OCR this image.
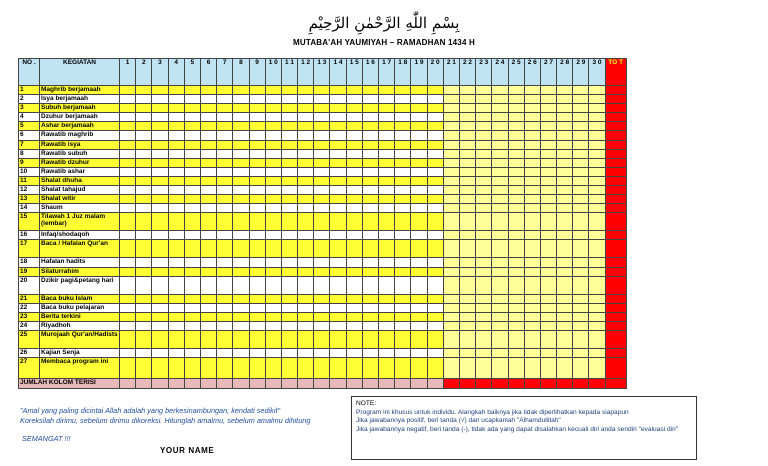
بِسْمِ اللّٰهِ الرَّحْمٰنِ الرَّحِيْمِ
MUTABA'AH YAUMIYAH – RAMADHAN 1434 H
NO .	KEGIATAN	1	2	3	4	5	6	7	8	9	1 0	1 1	1 2	1 3	1 4	1 5	1 6	1 7	1 8	1 9	2 0	2 1	2 2	2 3	2 4	2 5	2 6	2 7	2 8	2 9	3 0	TO T
1	Maghrib berjamaah																															
2	Isya berjamaah																															
3	Subuh berjamaah																															
4	Dzuhur berjamaah																															
5	Ashar berjamaah																															
6	Rawatib maghrib																															
7	Rawatib isya																															
8	Rawatib subuh																															
9	Rawatib dzuhur																															
10	Rawatib ashar																															
11	Shalat dhuha																															
12	Shalat tahajud																															
13	Shalat witir																															
14	Shaum																															
15	Tilawah 1 Juz malam (lembar)																															
16	Infaq/shodaqoh																															
17	Baca / Hafalan Qur'an																															
18	Hafalan hadits																															
19	Silaturrahim																															
20	Dzikir pagi&petang hari																															
21	Baca buku Islam																															
22	Baca buku pelajaran																															
23	Berita terkini																															
24	Riyadhoh																															
25	Murojaah Qur'an/Hadists																															
26	Kajian Senja																															
27	Membaca program ini																															
JUMLAH KOLOM TERISI																																
"Amal yang paling dicintai Allah adalah yang berkesinambungan, kendati sedikit"
Koreksilah dirimu, sebelum dirimu dikoreksi. Hitunglah amalmu, sebelum amalmu dihitung
SEMANGAT !!!
YOUR NAME

NOTE:

Program ini khusus untuk individu. Alangkah baiknya jika tidak diperlihatkan kepada siapapun

Jika jawabannya positif, beri tanda (√) dan ucapkanlah "Alhamdulillah"

Jika jawabannya negatif, beri tanda (-), tidak ada yang dapat disalahkan kecuali diri anda sendiri "evaluasi diri"
